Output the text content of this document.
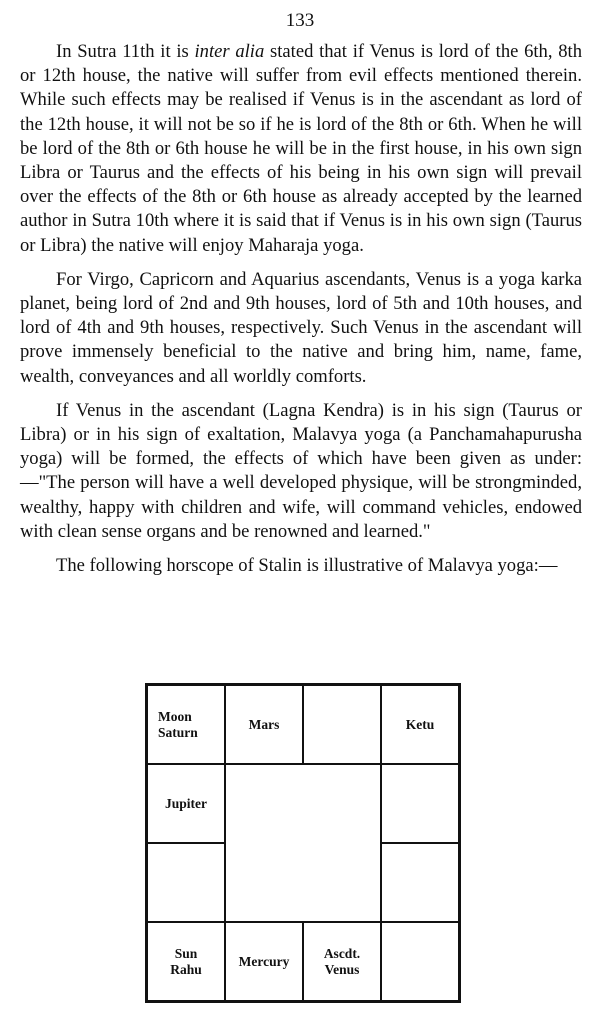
133

In Sutra 11th it is inter alia stated that if Venus is lord of the 6th, 8th or 12th house, the native will suffer from evil effects mentioned therein. While such effects may be realised if Venus is in the ascendant as lord of the 12th house, it will not be so if he is lord of the 8th or 6th. When he will be lord of the 8th or 6th house he will be in the first house, in his own sign Libra or Taurus and the effects of his being in his own sign will prevail over the effects of the 8th or 6th house as already accepted by the learned author in Sutra 10th where it is said that if Venus is in his own sign (Taurus or Libra) the native will enjoy Maharaja yoga.

For Virgo, Capricorn and Aquarius ascendants, Venus is a yoga karka planet, being lord of 2nd and 9th houses, lord of 5th and 10th houses, and lord of 4th and 9th houses, respectively. Such Venus in the ascendant will prove immensely beneficial to the native and bring him, name, fame, wealth, conveyances and all worldly comforts.

If Venus in the ascendant (Lagna Kendra) is in his sign (Taurus or Libra) or in his sign of exaltation, Malavya yoga (a Panchamahapurusha yoga) will be formed, the effects of which have been given as under:—"The person will have a well developed physique, will be strongminded, wealthy, happy with children and wife, will command vehicles, endowed with clean sense organs and be renowned and learned."

The following horscope of Stalin is illustrative of Malavya yoga:—

Moon
Saturn
Mars	Ketu
Jupiter
Sun
Rahu
Mercury
Ascdt.
Venus
